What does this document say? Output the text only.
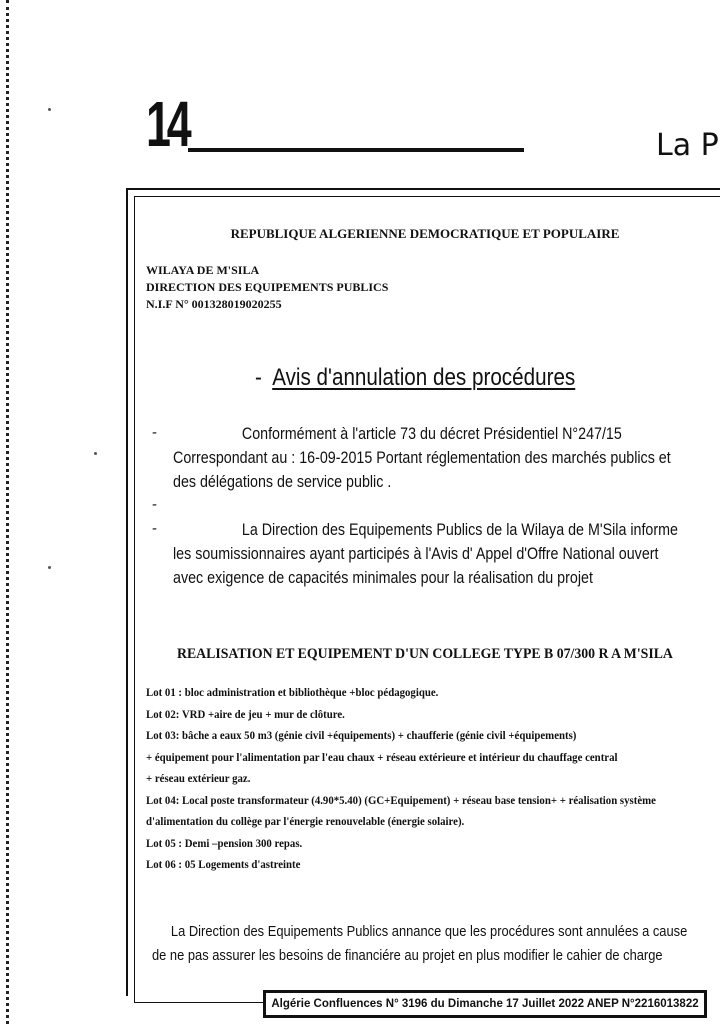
14	La P
REPUBLIQUE ALGERIENNE DEMOCRATIQUE ET POPULAIRE
WILAYA DE M'SILA
DIRECTION DES EQUIPEMENTS PUBLICS
N.I.F N° 001328019020255
- Avis d'annulation des procédures
-	Conformément à l'article 73 du décret Présidentiel N°247/15
Correspondant au : 16-09-2015 Portant réglementation des marchés publics et
des délégations de service public .
-
-	La Direction des Equipements Publics de la Wilaya de M'Sila informe
les soumissionnaires ayant participés à l'Avis d' Appel d'Offre National ouvert
avec exigence de capacités minimales pour la réalisation du projet
REALISATION ET EQUIPEMENT D'UN COLLEGE TYPE B 07/300 R A M'SILA
Lot 01 : bloc administration et bibliothèque +bloc pédagogique.
Lot 02: VRD +aire de jeu + mur de clôture.
Lot 03: bâche a eaux 50 m3 (génie civil +équipements) + chaufferie (génie civil +équipements)
+ équipement pour l'alimentation par l'eau chaux + réseau extérieure et intérieur du chauffage central
+ réseau extérieur gaz.
Lot 04: Local poste transformateur (4.90*5.40) (GC+Equipement) + réseau base tension+ + réalisation système
d'alimentation du collège par l'énergie renouvelable (énergie solaire).
Lot 05 : Demi –pension 300 repas.
Lot 06 : 05 Logements d'astreinte
La Direction des Equipements Publics annance que les procédures sont annulées a cause
de ne pas assurer les besoins de financiére au projet en plus modifier le cahier de charge
Algérie Confluences N° 3196 du Dimanche 17 Juillet 2022 ANEP N°2216013822
